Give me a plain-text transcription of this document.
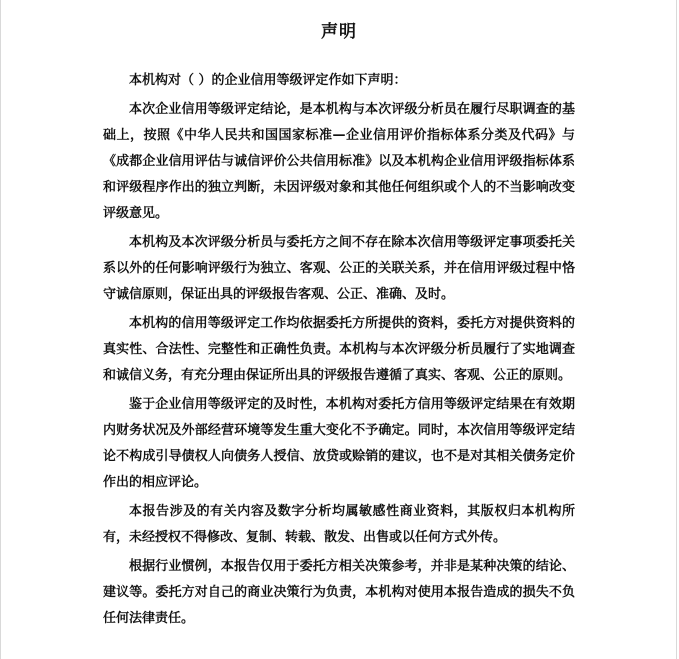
声明

本机构对（ ）的企业信用等级评定作如下声明：

本次企业信用等级评定结论，是本机构与本次评级分析员在履行尽职调查的基础上，按照《中华人民共和国国家标准—企业信用评价指标体系分类及代码》与《成都企业信用评估与诚信评价公共信用标准》以及本机构企业信用评级指标体系和评级程序作出的独立判断，未因评级对象和其他任何组织或个人的不当影响改变评级意见。

本机构及本次评级分析员与委托方之间不存在除本次信用等级评定事项委托关系以外的任何影响评级行为独立、客观、公正的关联关系，并在信用评级过程中恪守诚信原则，保证出具的评级报告客观、公正、准确、及时。

本机构的信用等级评定工作均依据委托方所提供的资料，委托方对提供资料的真实性、合法性、完整性和正确性负责。本机构与本次评级分析员履行了实地调查和诚信义务，有充分理由保证所出具的评级报告遵循了真实、客观、公正的原则。

鉴于企业信用等级评定的及时性，本机构对委托方信用等级评定结果在有效期内财务状况及外部经营环境等发生重大变化不予确定。同时，本次信用等级评定结论不构成引导债权人向债务人授信、放贷或赊销的建议，也不是对其相关债务定价作出的相应评论。

本报告涉及的有关内容及数字分析均属敏感性商业资料，其版权归本机构所有，未经授权不得修改、复制、转载、散发、出售或以任何方式外传。

根据行业惯例，本报告仅用于委托方相关决策参考，并非是某种决策的结论、建议等。委托方对自己的商业决策行为负责，本机构对使用本报告造成的损失不负任何法律责任。
